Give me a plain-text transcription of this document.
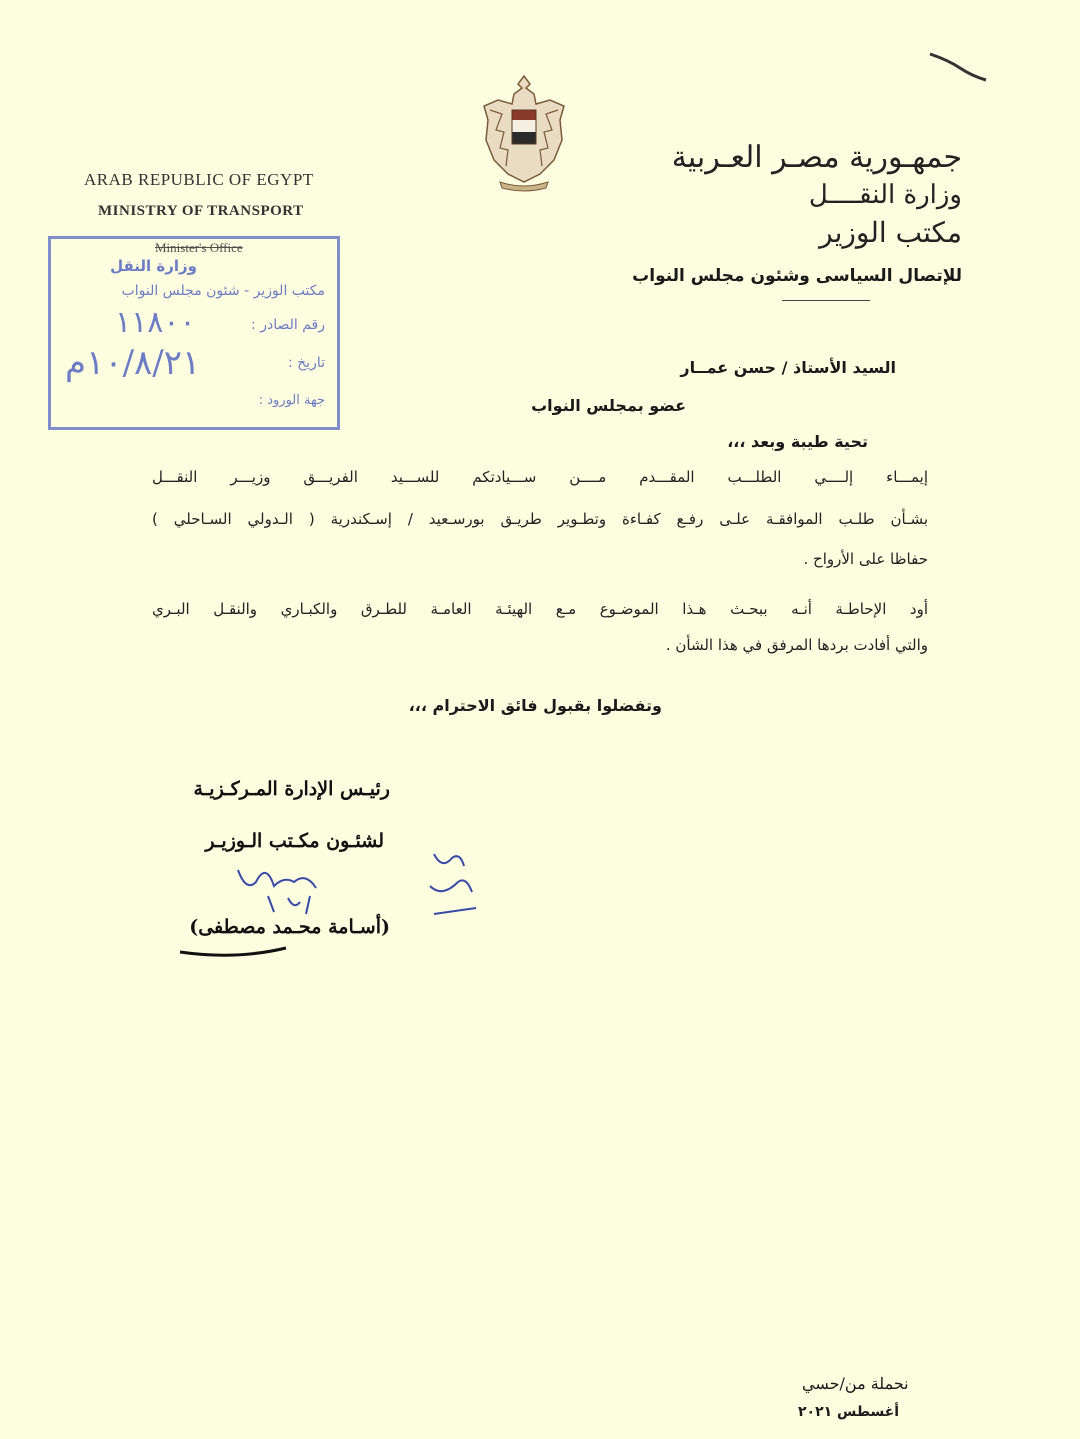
جمهـورية مصـر العـربية
وزارة النقــــل
مكتب الوزير
للإتصال السياسى وشئون مجلس النواب
ARAB REPUBLIC OF EGYPT
MINISTRY OF TRANSPORT
Minister's Office
وزارة النقل
مكتب الوزير - شئون مجلس النواب
رقم الصادر :
تاريخ :
جهة الورود :
١١٨٠٠
١٠/٨/٢١م	السيد الأستاذ / حسن عمــار
عضو بمجلس النواب
تحية طيبة وبعد ،،،
إيمـــاء إلــــي الطلـــب المقـــدم مــــن ســـيادتكم للســـيد الفريـــق وزيـــر النقـــل
بشـأن طلـب الموافقـة علـى رفـع كفـاءة وتطـوير طريـق بورسـعيد / إسـكندرية ( الـدولي السـاحلي )
حفاظا على الأرواح .
أود الإحاطـة أنـه ببحـث هـذا الموضـوع مـع الهيئـة العامـة للطـرق والكبـاري والنقـل البـري
والتي أفادت بردها المرفق في هذا الشأن .
وتفضلوا بقبول فائق الاحترام ،،،
رئيـس الإدارة المـركـزيـة
لشئـون مكـتب الـوزيـر
(أسـامة محـمد مصطفى)
نحملة من/حسي
أغسطس ٢٠٢١
